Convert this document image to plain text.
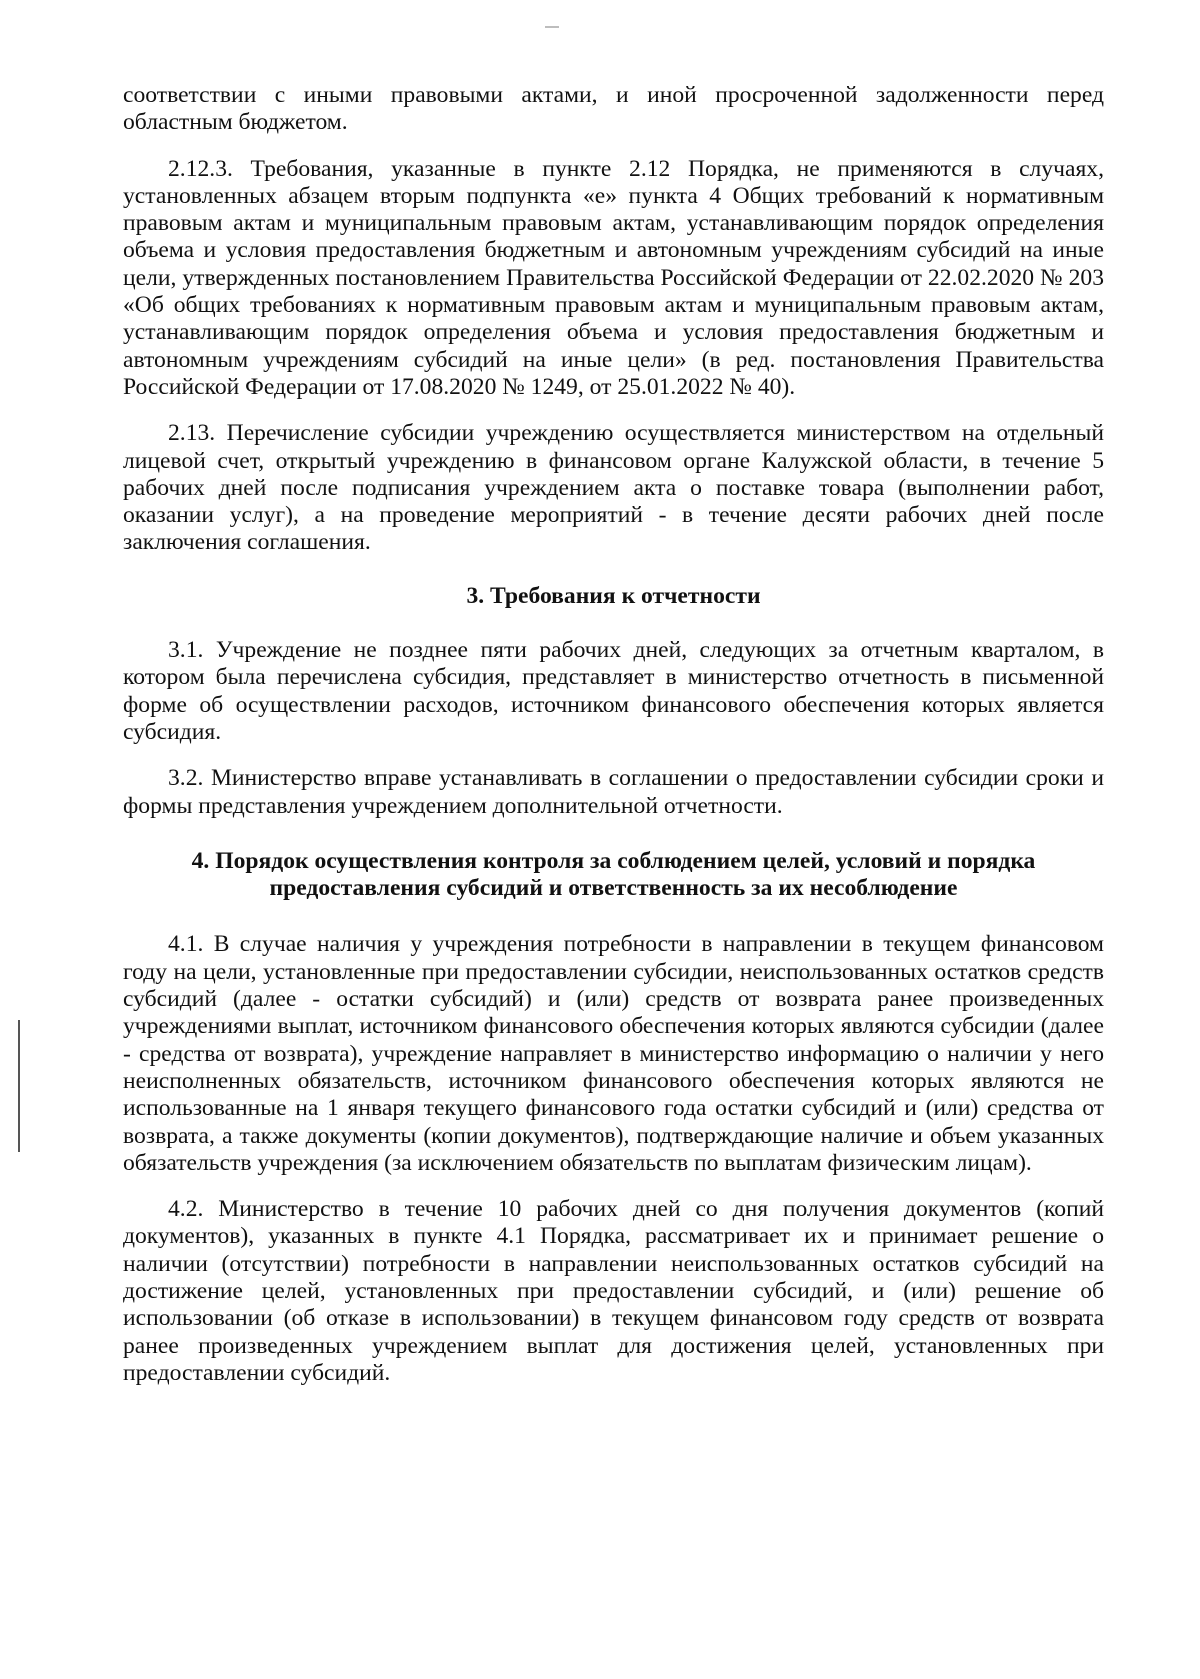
соответствии с иными правовыми актами, и иной просроченной задолженности перед областным бюджетом.

2.12.3. Требования, указанные в пункте 2.12 Порядка, не применяются в случаях, установленных абзацем вторым подпункта «е» пункта 4 Общих требований к нормативным правовым актам и муниципальным правовым актам, устанавливающим порядок определения объема и условия предоставления бюджетным и автономным учреждениям субсидий на иные цели, утвержденных постановлением Правительства Российской Федерации от 22.02.2020 № 203 «Об общих требованиях к нормативным правовым актам и муниципальным правовым актам, устанавливающим порядок определения объема и условия предоставления бюджетным и автономным учреждениям субсидий на иные цели» (в ред. постановления Правительства Российской Федерации от 17.08.2020 № 1249, от 25.01.2022 № 40).

2.13. Перечисление субсидии учреждению осуществляется министерством на отдельный лицевой счет, открытый учреждению в финансовом органе Калужской области, в течение 5 рабочих дней после подписания учреждением акта о поставке товара (выполнении работ, оказании услуг), а на проведение мероприятий - в течение десяти рабочих дней после заключения соглашения.

3. Требования к отчетности

3.1. Учреждение не позднее пяти рабочих дней, следующих за отчетным кварталом, в котором была перечислена субсидия, представляет в министерство отчетность в письменной форме об осуществлении расходов, источником финансового обеспечения которых является субсидия.

3.2. Министерство вправе устанавливать в соглашении о предоставлении субсидии сроки и формы представления учреждением дополнительной отчетности.

4. Порядок осуществления контроля за соблюдением целей, условий и порядка

предоставления субсидий и ответственность за их несоблюдение

4.1. В случае наличия у учреждения потребности в направлении в текущем финансовом году на цели, установленные при предоставлении субсидии, неиспользованных остатков средств субсидий (далее - остатки субсидий) и (или) средств от возврата ранее произведенных учреждениями выплат, источником финансового обеспечения которых являются субсидии (далее - средства от возврата), учреждение направляет в министерство информацию о наличии у него неисполненных обязательств, источником финансового обеспечения которых являются не использованные на 1 января текущего финансового года остатки субсидий и (или) средства от возврата, а также документы (копии документов), подтверждающие наличие и объем указанных обязательств учреждения (за исключением обязательств по выплатам физическим лицам).

4.2. Министерство в течение 10 рабочих дней со дня получения документов (копий документов), указанных в пункте 4.1 Порядка, рассматривает их и принимает решение о наличии (отсутствии) потребности в направлении неиспользованных остатков субсидий на достижение целей, установленных при предоставлении субсидий, и (или) решение об использовании (об отказе в использовании) в текущем финансовом году средств от возврата ранее произведенных учреждением выплат для достижения целей, установленных при предоставлении субсидий.
